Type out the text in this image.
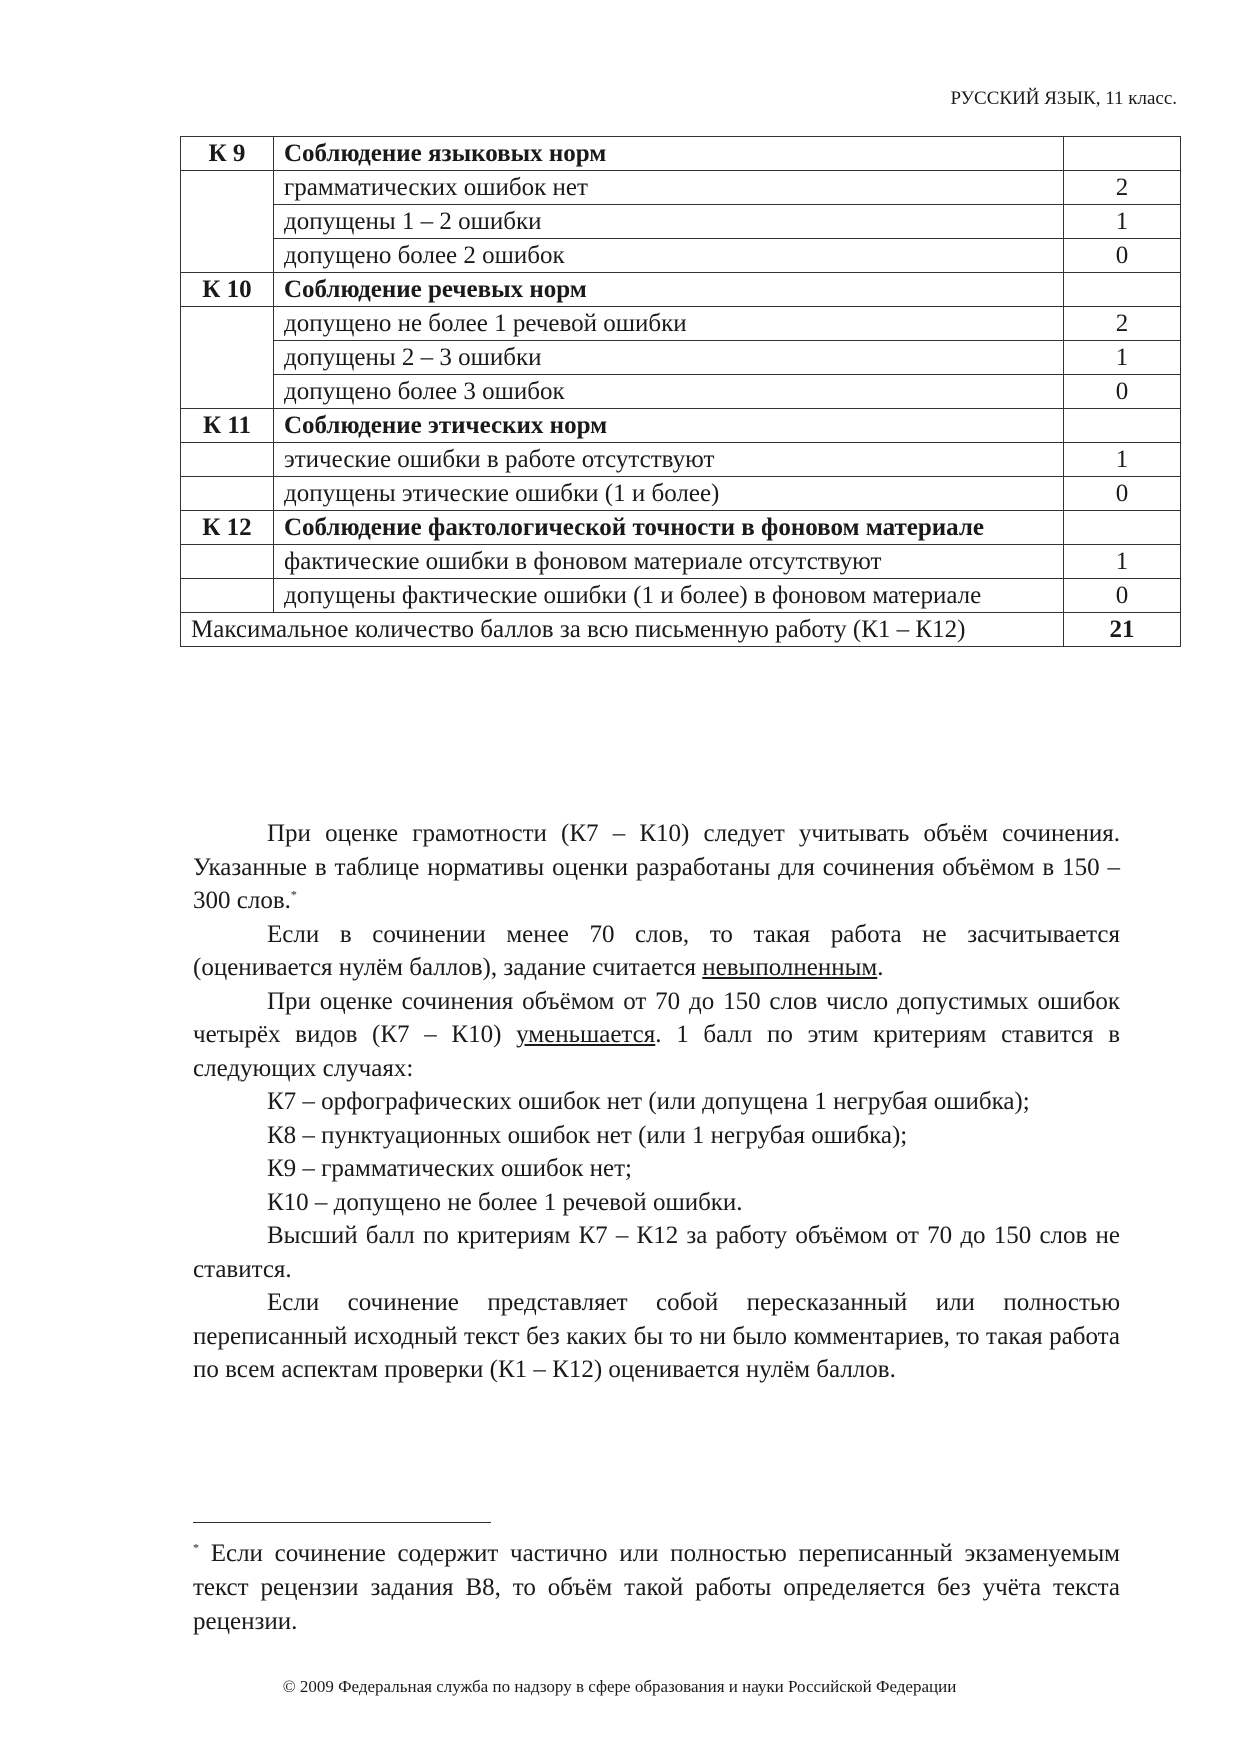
РУССКИЙ ЯЗЫК, 11 класс.
К 9	Соблюдение языковых норм	
	грамматических ошибок нет	2
	допущены 1 – 2 ошибки	1
	допущено более 2 ошибок	0
К 10	Соблюдение речевых норм	
	допущено не более 1 речевой ошибки	2
	допущены 2 – 3 ошибки	1
	допущено более 3 ошибок	0
К 11	Соблюдение этических норм	
	этические ошибки в работе отсутствуют	1
	допущены этические ошибки (1 и более)	0
К 12	Соблюдение фактологической точности в фоновом материале	
	фактические ошибки в фоновом материале отсутствуют	1
	допущены фактические ошибки (1 и более) в фоновом материале	0
Максимальное количество баллов за всю письменную работу (К1 – К12)		21

При оценке грамотности (К7 – К10) следует учитывать объём сочинения. Указанные в таблице нормативы оценки разработаны для сочинения объёмом в 150 – 300 слов.*

Если в сочинении менее 70 слов, то такая работа не засчитывается (оценивается нулём баллов), задание считается невыполненным.

При оценке сочинения объёмом от 70 до 150 слов число допустимых ошибок четырёх видов (К7 – К10) уменьшается. 1 балл по этим критериям ставится в следующих случаях:

К7 – орфографических ошибок нет (или допущена 1 негрубая ошибка);

К8 – пунктуационных ошибок нет (или 1 негрубая ошибка);

К9 – грамматических ошибок нет;

К10 – допущено не более 1 речевой ошибки.

Высший балл по критериям К7 – К12 за работу объёмом от 70 до 150 слов не ставится.

Если сочинение представляет собой пересказанный или полностью переписанный исходный текст без каких бы то ни было комментариев, то такая работа по всем аспектам проверки (К1 – К12) оценивается нулём баллов.

* Если сочинение содержит частично или полностью переписанный экзаменуемым текст рецензии задания В8, то объём такой работы определяется без учёта текста рецензии.
© 2009 Федеральная служба по надзору в сфере образования и науки Российской Федерации
